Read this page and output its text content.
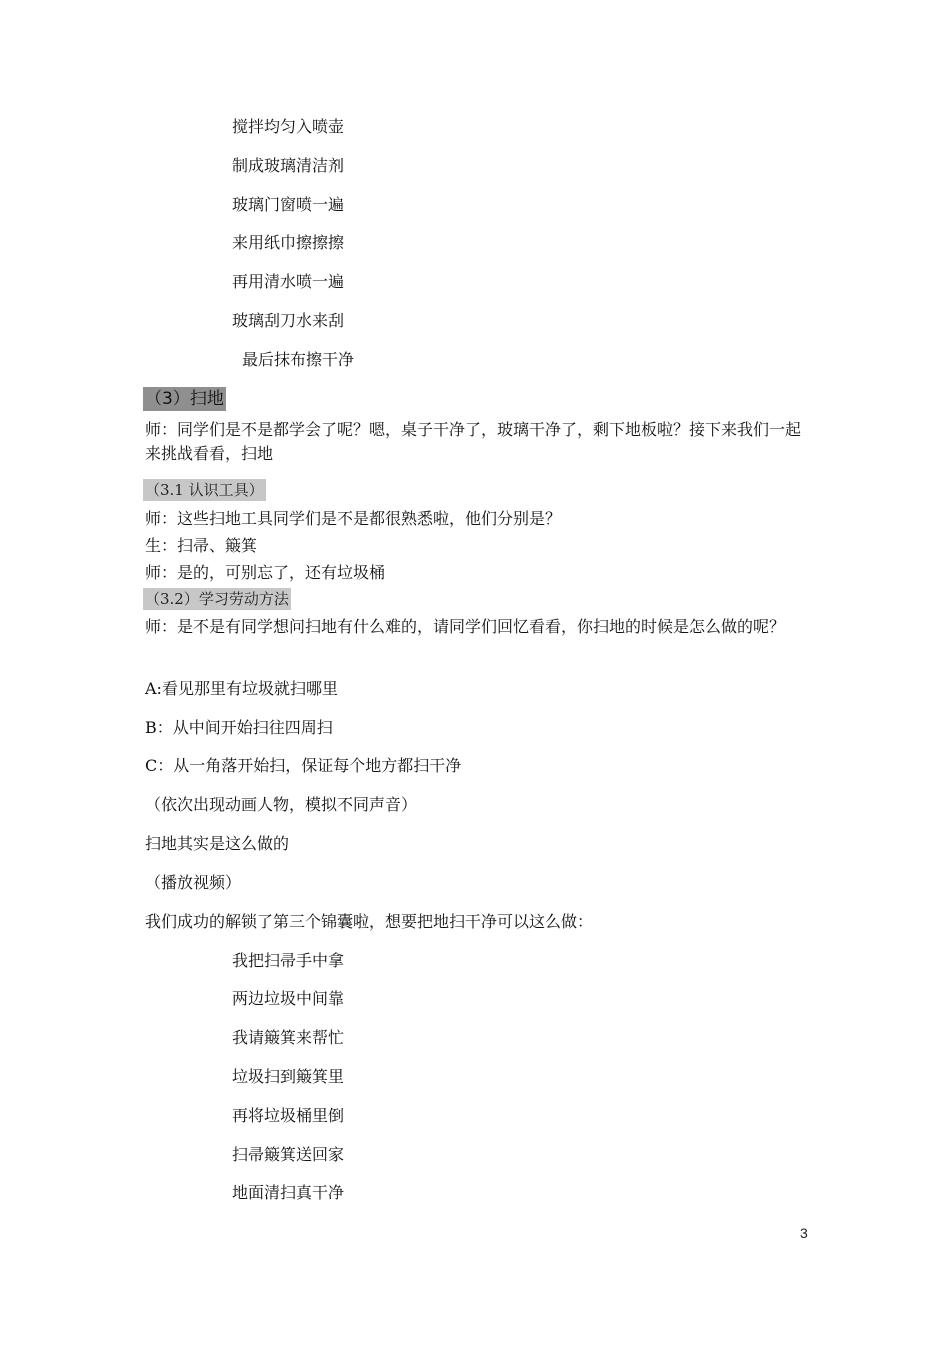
搅拌均匀入喷壶
制成玻璃清洁剂
玻璃门窗喷一遍
来用纸巾擦擦擦
再用清水喷一遍
玻璃刮刀水来刮
最后抹布擦干净
（3）扫地
师：同学们是不是都学会了呢？嗯，桌子干净了，玻璃干净了，剩下地板啦？接下来我们一起来挑战看看，扫地
（3.1 认识工具）
师：这些扫地工具同学们是不是都很熟悉啦，他们分别是？
生：扫帚、簸箕
师：是的，可别忘了，还有垃圾桶
（3.2）学习劳动方法
师：是不是有同学想问扫地有什么难的，请同学们回忆看看，你扫地的时候是怎么做的呢？
A:看见那里有垃圾就扫哪里
B：从中间开始扫往四周扫
C：从一角落开始扫，保证每个地方都扫干净
（依次出现动画人物，模拟不同声音）
扫地其实是这么做的
（播放视频）
我们成功的解锁了第三个锦囊啦，想要把地扫干净可以这么做：
我把扫帚手中拿
两边垃圾中间靠
我请簸箕来帮忙
垃圾扫到簸箕里
再将垃圾桶里倒
扫帚簸箕送回家
地面清扫真干净
3
